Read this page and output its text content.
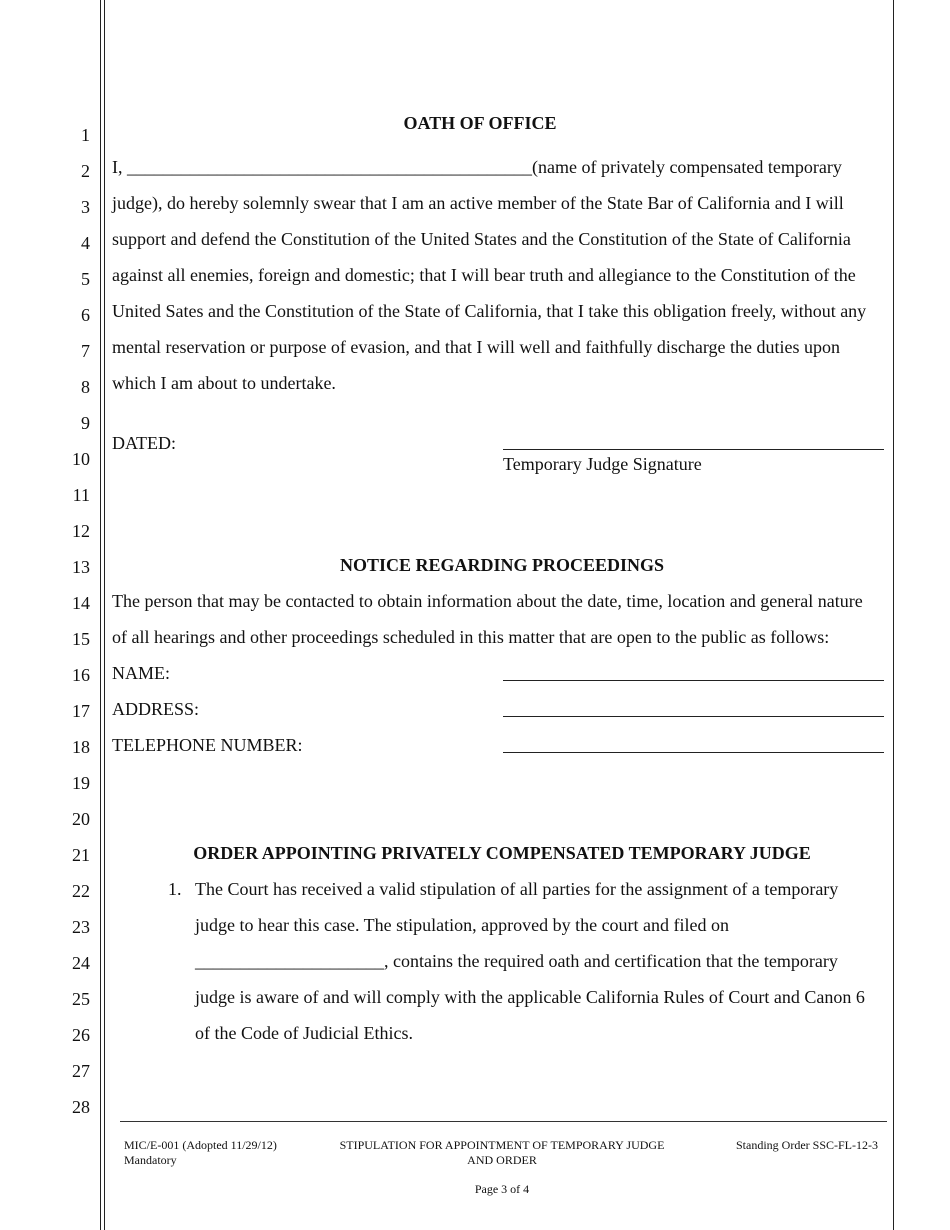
1
2
3
4
5
6
7
8
9
10
11
12
13
14
15
16
17
18
19
20
21
22
23
24
25
26
27
28
OATH OF OFFICE
I, _____________________________________________(name of privately compensated temporary
judge), do hereby solemnly swear that I am an active member of the State Bar of California and I will
support and defend the Constitution of the United States and the Constitution of the State of California
against all enemies, foreign and domestic; that I will bear truth and allegiance to the Constitution of the
United Sates and the Constitution of the State of California, that I take this obligation freely, without any
mental reservation or purpose of evasion, and that I will well and faithfully discharge the duties upon
which I am about to undertake.
DATED:
Temporary Judge Signature
NOTICE REGARDING PROCEEDINGS
The person that may be contacted to obtain information about the date, time, location and general nature
of all hearings and other proceedings scheduled in this matter that are open to the public as follows:
NAME:
ADDRESS:
TELEPHONE NUMBER:
ORDER APPOINTING PRIVATELY COMPENSATED TEMPORARY JUDGE
1. The Court has received a valid stipulation of all parties for the assignment of a temporary
judge to hear this case. The stipulation, approved by the court and filed on
_____________________, contains the required oath and certification that the temporary
judge is aware of and will comply with the applicable California Rules of Court and Canon 6
of the Code of Judicial Ethics.
MIC/E-001 (Adopted 11/29/12)
Mandatory
STIPULATION FOR APPOINTMENT OF TEMPORARY JUDGE
AND ORDER
Standing Order SSC-FL-12-3
Page 3 of 4
